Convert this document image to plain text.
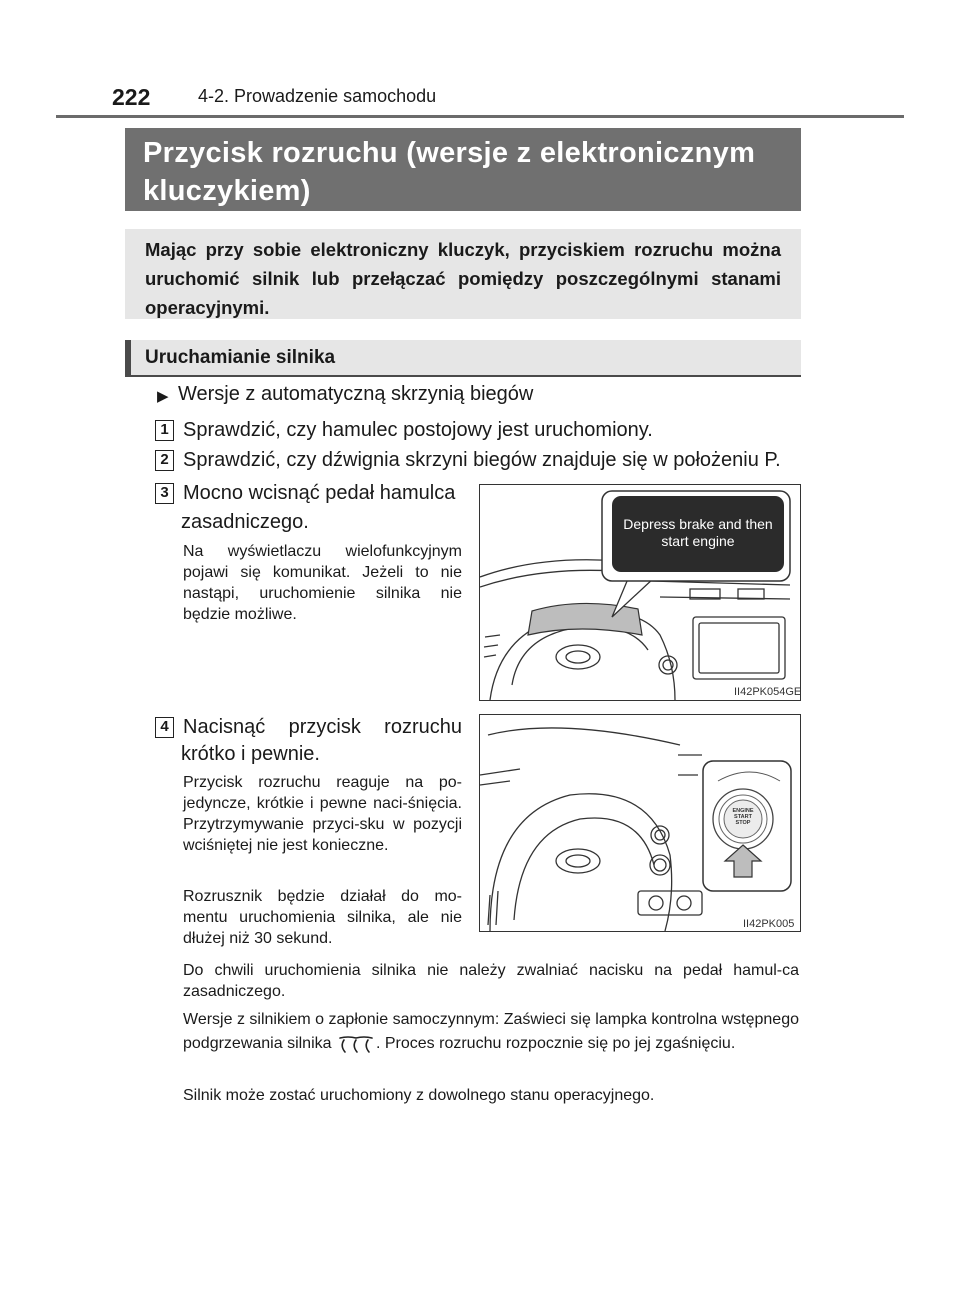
222	4-2. Prowadzenie samochodu
Przycisk rozruchu (wersje z elektronicznym kluczykiem)
Mając przy sobie elektroniczny kluczyk, przyciskiem rozruchu można uruchomić silnik lub przełączać pomiędzy poszczególnymi stanami operacyjnymi.
Uruchamianie silnika
▶ Wersje z automatyczną skrzynią biegów
1 Sprawdzić, czy hamulec postojowy jest uruchomiony.
2 Sprawdzić, czy dźwignia skrzyni biegów znajduje się w położeniu P.
3 Mocno wcisnąć pedał hamulca
zasadniczego.
Na wyświetlaczu wielofunkcyjnym pojawi się komunikat. Jeżeli to nie nastąpi, uruchomienie silnika nie będzie możliwe.
Depress brake and then start engine
II42PK054GE
4 Nacisnąć przycisk rozruchu
krótko i pewnie.
Przycisk rozruchu reaguje na po-jedyncze, krótkie i pewne naci-śnięcia. Przytrzymywanie przyci-sku w pozycji wciśniętej nie jest konieczne.
Rozrusznik będzie działał do mo-mentu uruchomienia silnika, ale nie dłużej niż 30 sekund.
ENGINE
START
STOP
II42PK005
Do chwili uruchomienia silnika nie należy zwalniać nacisku na pedał hamul-ca zasadniczego.
Wersje z silnikiem o zapłonie samoczynnym: Zaświeci się lampka kontrolna wstępnego podgrzewania silnika	. Proces rozruchu rozpocznie się po jej zgaśnięciu.
Silnik może zostać uruchomiony z dowolnego stanu operacyjnego.
